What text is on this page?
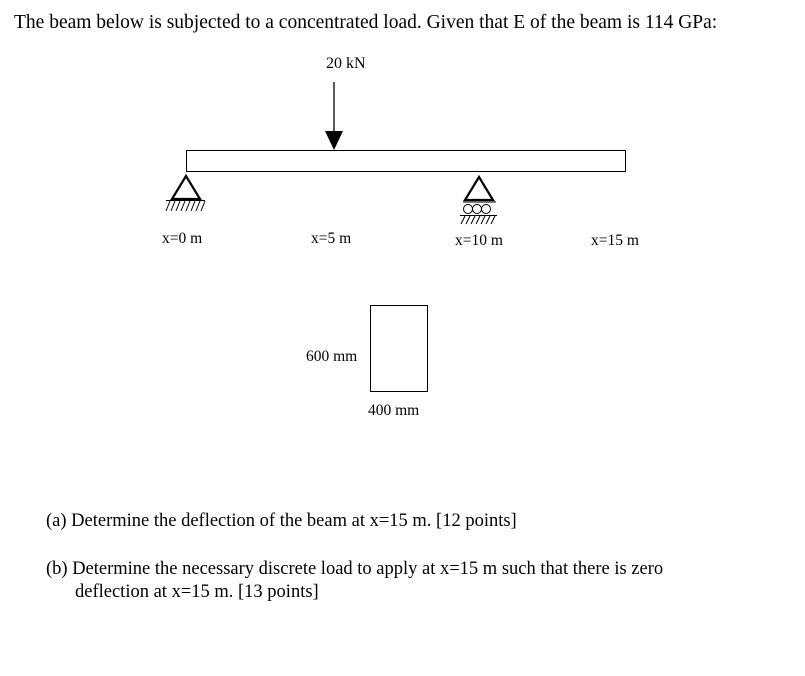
The beam below is subjected to a concentrated load. Given that E of the beam is 114 GPa:
20 kN
x=0 m	x=5 m	x=10 m	x=15 m
600 mm
400 mm
(a) Determine the deflection of the beam at x=15 m. [12 points]
(b) Determine the necessary discrete load to apply at x=15 m such that there is zero
deflection at x=15 m. [13 points]
